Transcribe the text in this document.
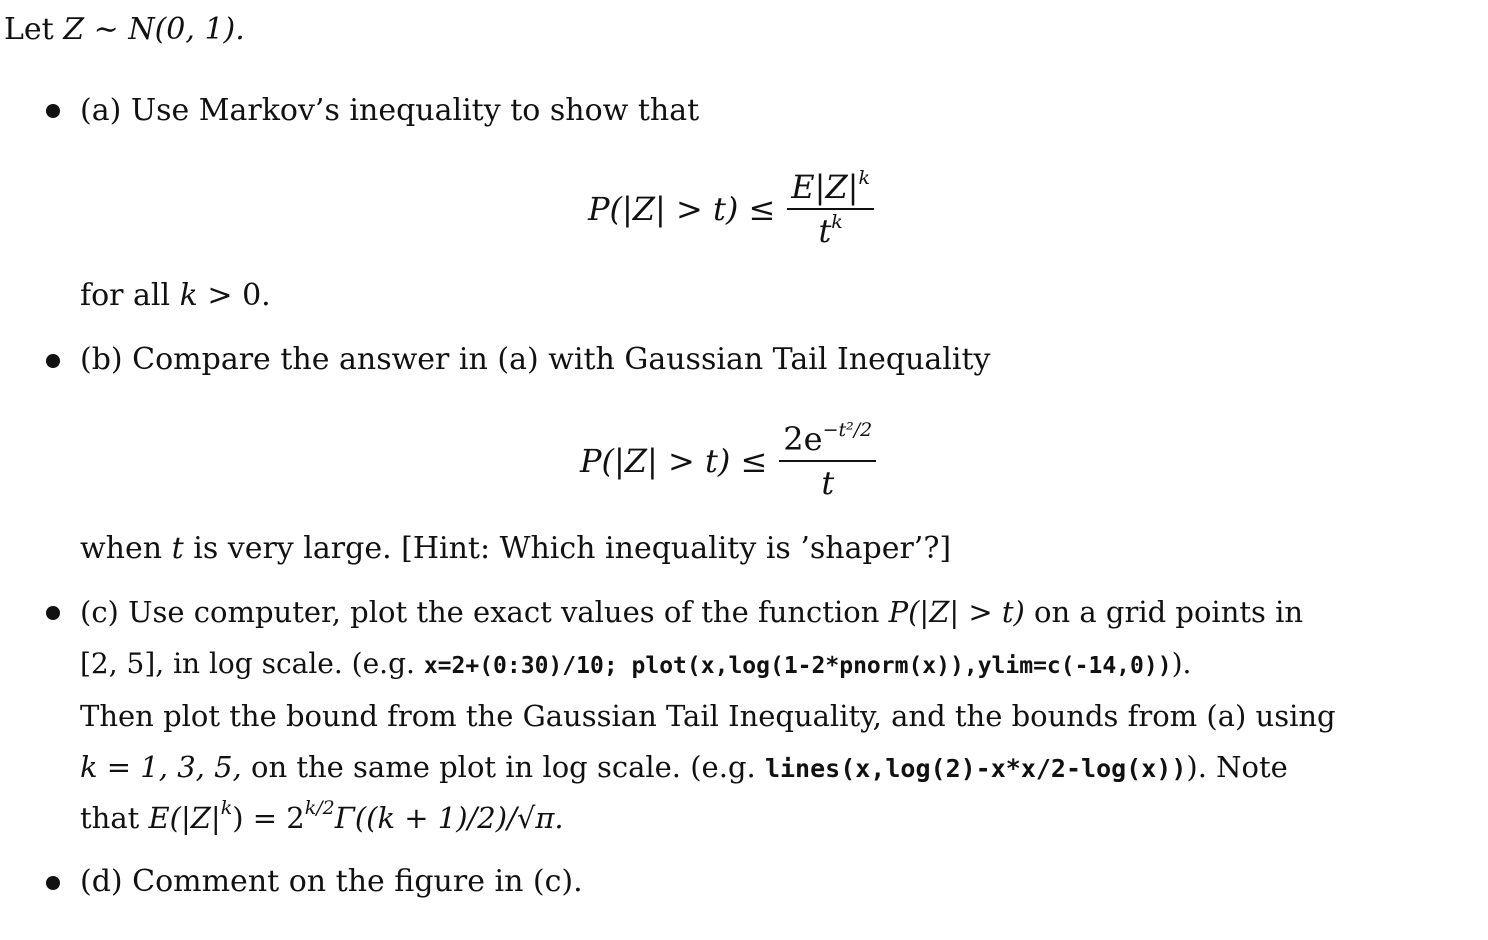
Let Z ∼ N(0, 1).
(a) Use Markov’s inequality to show that
$P(|Z| > t) \le \frac{E|Z|^k}{t^k}$
for all k > 0.
(b) Compare the answer in (a) with Gaussian Tail Inequality
$P(|Z| > t) \le \frac{2e^{-t^2/2}}{t}$
when t is very large. [Hint: Which inequality is ’shaper’?]
(c) Use computer, plot the exact values of the function P(|Z| > t) on a grid points in
[2, 5], in log scale. (e.g. x=2+(0:30)/10; plot(x,log(1-2*pnorm(x)),ylim=c(-14,0))).
Then plot the bound from the Gaussian Tail Inequality, and the bounds from (a) using
k = 1, 3, 5, on the same plot in log scale. (e.g. lines(x,log(2)-x*x/2-log(x))). Note
that $E(|Z|^k) = 2^{k/2}\Gamma((k + 1)/2)/√\pi$.
(d) Comment on the figure in (c).
